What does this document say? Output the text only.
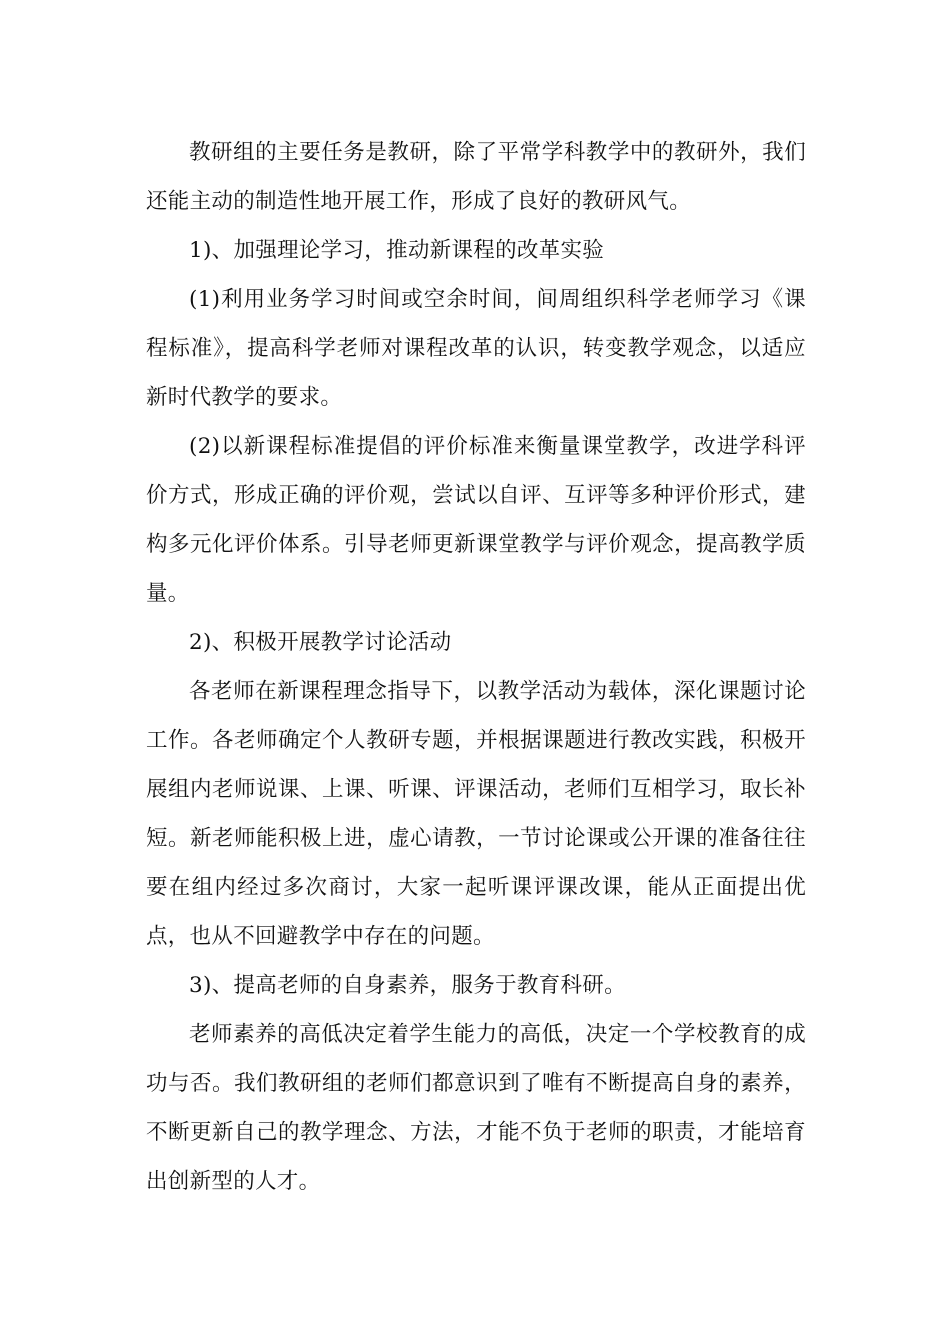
教研组的主要任务是教研，除了平常学科教学中的教研外，我们还能主动的制造性地开展工作，形成了良好的教研风气。

1)、加强理论学习，推动新课程的改革实验

(1)利用业务学习时间或空余时间，间周组织科学老师学习《课程标准》，提高科学老师对课程改革的认识，转变教学观念，以适应新时代教学的要求。

(2)以新课程标准提倡的评价标准来衡量课堂教学，改进学科评价方式，形成正确的评价观，尝试以自评、互评等多种评价形式，建构多元化评价体系。引导老师更新课堂教学与评价观念，提高教学质量。

2)、积极开展教学讨论活动

各老师在新课程理念指导下，以教学活动为载体，深化课题讨论工作。各老师确定个人教研专题，并根据课题进行教改实践，积极开展组内老师说课、上课、听课、评课活动，老师们互相学习，取长补短。新老师能积极上进，虚心请教，一节讨论课或公开课的准备往往要在组内经过多次商讨，大家一起听课评课改课，能从正面提出优点，也从不回避教学中存在的问题。

3)、提高老师的自身素养，服务于教育科研。

老师素养的高低决定着学生能力的高低，决定一个学校教育的成功与否。我们教研组的老师们都意识到了唯有不断提高自身的素养，不断更新自己的教学理念、方法，才能不负于老师的职责，才能培育出创新型的人才。
